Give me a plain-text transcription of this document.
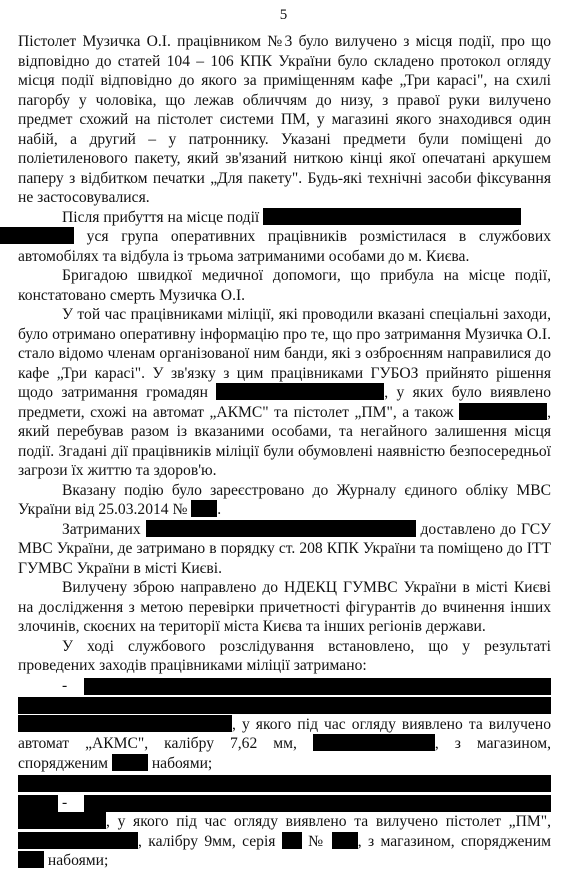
5

Пістолет Музичка О.І. працівником №3 було вилучено з місця події, про що відповідно до статей 104 – 106 КПК України було складено протокол огляду місця події відповідно до якого за приміщенням кафе „Три карасі", на схилі пагорбу у чоловіка, що лежав обличчям до низу, з правої руки вилучено предмет схожий на пістолет системи ПМ, у магазині якого знаходився один набій, а другий – у патроннику. Указані предмети були поміщені до поліетиленового пакету, який зв'язаний ниткою кінці якої опечатані аркушем паперу з відбитком печатки „Для пакету". Будь-які технічні засоби фіксування не застосовувалися.

Після прибуття на місце події
уся група оперативних працівників розмістилася в службових автомобілях та відбула із трьома затриманими особами до м. Києва.

Бригадою швидкої медичної допомоги, що прибула на місце події, констатовано смерть Музичка О.І.

У той час працівниками міліції, які проводили вказані спеціальні заходи, було отримано оперативну інформацію про те, що про затримання Музичка О.І. стало відомо членам організованої ним банди, які з озброєнням направилися до кафе „Три карасі". У зв'язку з цим працівниками ГУБОЗ прийнято рішення щодо затримання громадян	, у яких було виявлено предмети, схожі на автомат „АКМС" та пістолет „ПМ", а також	, який перебував разом із вказаними особами, та негайного залишення місця події. Згадані дії працівників міліції були обумовлені наявністю безпосередньої загрози їх життю та здоров'ю.

Вказану подію було зареєстровано до Журналу єдиного обліку МВС України від 25.03.2014 № .

Затриманих	доставлено до ГСУ МВС України, де затримано в порядку ст. 208 КПК України та поміщено до ІТТ ГУМВС України в місті Києві.

Вилучену зброю направлено до НДЕКЦ ГУМВС України в місті Києві на дослідження з метою перевірки причетності фігурантів до вчинення інших злочинів, скоєних на території міста Києва та інших регіонів держави.

У ході службового розслідування встановлено, що у результаті проведених заходів працівниками міліції затримано:

-

, у якого під час огляду виявлено та вилучено автомат „АКМС", калібру 7,62 мм,	, з магазином, спорядженим	набоями;

-

, у якого під час огляду виявлено та вилучено пістолет „ПМ", , калібру 9мм, серія № , з магазином, спорядженим  набоями;
